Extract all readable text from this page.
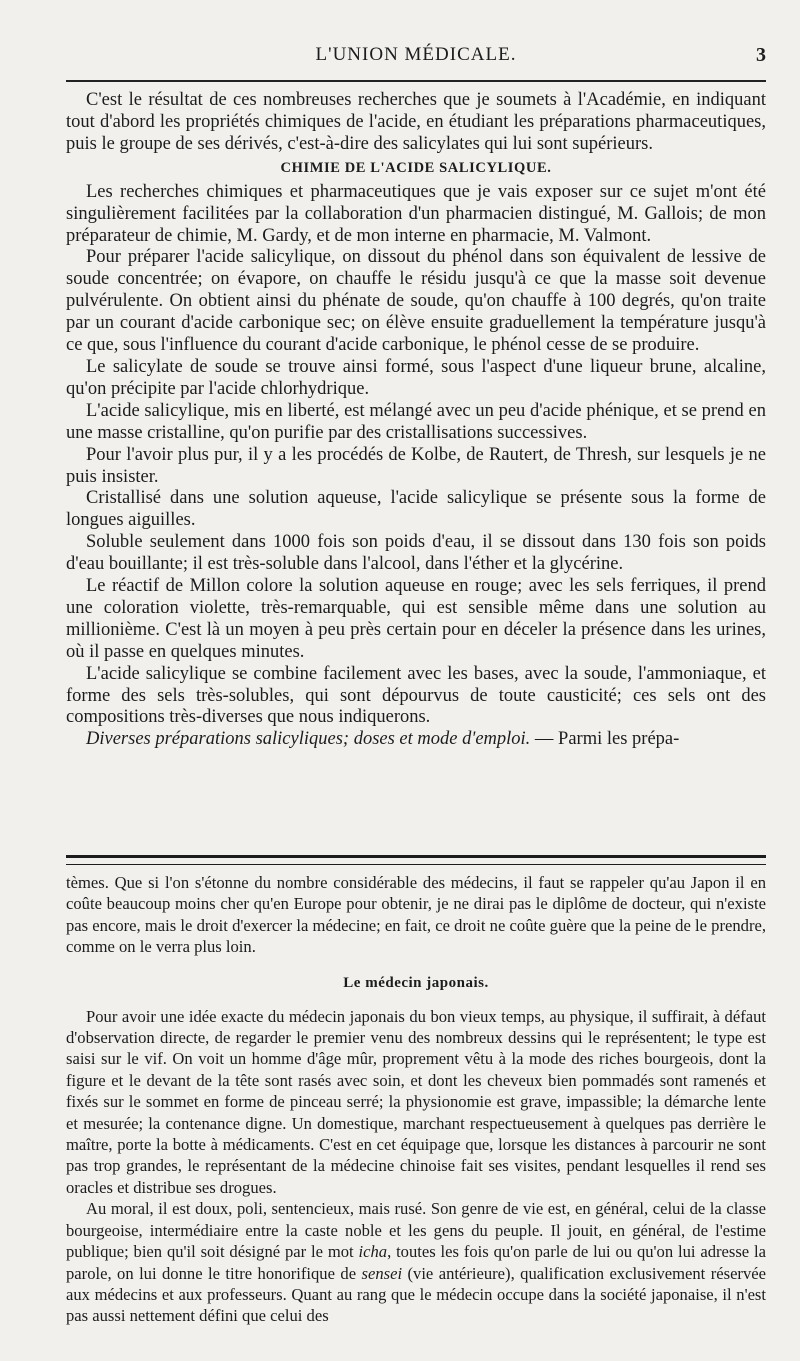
L'UNION MÉDICALE.	3

C'est le résultat de ces nombreuses recherches que je soumets à l'Académie, en indiquant tout d'abord les propriétés chimiques de l'acide, en étudiant les préparations pharmaceutiques, puis le groupe de ses dérivés, c'est-à-dire des salicylates qui lui sont supérieurs.

CHIMIE DE L'ACIDE SALICYLIQUE.

Les recherches chimiques et pharmaceutiques que je vais exposer sur ce sujet m'ont été singulièrement facilitées par la collaboration d'un pharmacien distingué, M. Gallois; de mon préparateur de chimie, M. Gardy, et de mon interne en pharmacie, M. Valmont.

Pour préparer l'acide salicylique, on dissout du phénol dans son équivalent de lessive de soude concentrée; on évapore, on chauffe le résidu jusqu'à ce que la masse soit devenue pulvérulente. On obtient ainsi du phénate de soude, qu'on chauffe à 100 degrés, qu'on traite par un courant d'acide carbonique sec; on élève ensuite graduellement la température jusqu'à ce que, sous l'influence du courant d'acide carbonique, le phénol cesse de se produire.

Le salicylate de soude se trouve ainsi formé, sous l'aspect d'une liqueur brune, alcaline, qu'on précipite par l'acide chlorhydrique.

L'acide salicylique, mis en liberté, est mélangé avec un peu d'acide phénique, et se prend en une masse cristalline, qu'on purifie par des cristallisations successives.

Pour l'avoir plus pur, il y a les procédés de Kolbe, de Rautert, de Thresh, sur lesquels je ne puis insister.

Cristallisé dans une solution aqueuse, l'acide salicylique se présente sous la forme de longues aiguilles.

Soluble seulement dans 1000 fois son poids d'eau, il se dissout dans 130 fois son poids d'eau bouillante; il est très-soluble dans l'alcool, dans l'éther et la glycérine.

Le réactif de Millon colore la solution aqueuse en rouge; avec les sels ferriques, il prend une coloration violette, très-remarquable, qui est sensible même dans une solution au millionième. C'est là un moyen à peu près certain pour en déceler la présence dans les urines, où il passe en quelques minutes.

L'acide salicylique se combine facilement avec les bases, avec la soude, l'ammoniaque, et forme des sels très-solubles, qui sont dépourvus de toute causticité; ces sels ont des compositions très-diverses que nous indiquerons.

Diverses préparations salicyliques; doses et mode d'emploi. — Parmi les prépa-

tèmes. Que si l'on s'étonne du nombre considérable des médecins, il faut se rappeler qu'au Japon il en coûte beaucoup moins cher qu'en Europe pour obtenir, je ne dirai pas le diplôme de docteur, qui n'existe pas encore, mais le droit d'exercer la médecine; en fait, ce droit ne coûte guère que la peine de le prendre, comme on le verra plus loin.

Le médecin japonais.

Pour avoir une idée exacte du médecin japonais du bon vieux temps, au physique, il suffirait, à défaut d'observation directe, de regarder le premier venu des nombreux dessins qui le représentent; le type est saisi sur le vif. On voit un homme d'âge mûr, proprement vêtu à la mode des riches bourgeois, dont la figure et le devant de la tête sont rasés avec soin, et dont les cheveux bien pommadés sont ramenés et fixés sur le sommet en forme de pinceau serré; la physionomie est grave, impassible; la démarche lente et mesurée; la contenance digne. Un domestique, marchant respectueusement à quelques pas derrière le maître, porte la botte à médicaments. C'est en cet équipage que, lorsque les distances à parcourir ne sont pas trop grandes, le représentant de la médecine chinoise fait ses visites, pendant lesquelles il rend ses oracles et distribue ses drogues.

Au moral, il est doux, poli, sentencieux, mais rusé. Son genre de vie est, en général, celui de la classe bourgeoise, intermédiaire entre la caste noble et les gens du peuple. Il jouit, en général, de l'estime publique; bien qu'il soit désigné par le mot icha, toutes les fois qu'on parle de lui ou qu'on lui adresse la parole, on lui donne le titre honorifique de sensei (vie antérieure), qualification exclusivement réservée aux médecins et aux professeurs. Quant au rang que le médecin occupe dans la société japonaise, il n'est pas aussi nettement défini que celui des
